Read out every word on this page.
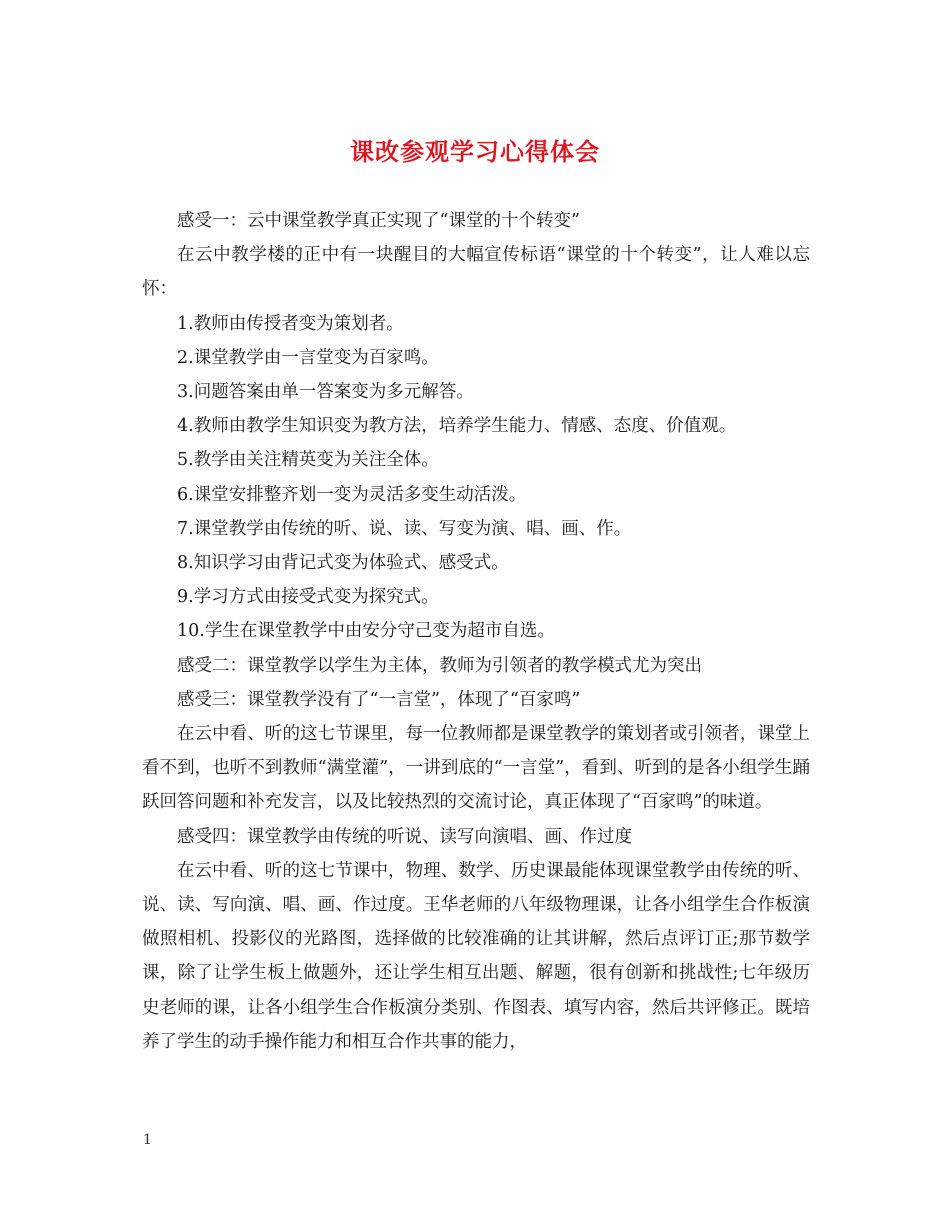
课改参观学习心得体会

感受一：云中课堂教学真正实现了“课堂的十个转变”

在云中教学楼的正中有一块醒目的大幅宣传标语“课堂的十个转变”，让人难以忘怀：

1.教师由传授者变为策划者。

2.课堂教学由一言堂变为百家鸣。

3.问题答案由单一答案变为多元解答。

4.教师由教学生知识变为教方法，培养学生能力、情感、态度、价值观。

5.教学由关注精英变为关注全体。

6.课堂安排整齐划一变为灵活多变生动活泼。

7.课堂教学由传统的听、说、读、写变为演、唱、画、作。

8.知识学习由背记式变为体验式、感受式。

9.学习方式由接受式变为探究式。

10.学生在课堂教学中由安分守己变为超市自选。

感受二：课堂教学以学生为主体，教师为引领者的教学模式尤为突出

感受三：课堂教学没有了“一言堂”，体现了“百家鸣”

在云中看、听的这七节课里，每一位教师都是课堂教学的策划者或引领者，课堂上看不到，也听不到教师“满堂灌”，一讲到底的“一言堂”，看到、听到的是各小组学生踊跃回答问题和补充发言，以及比较热烈的交流讨论，真正体现了“百家鸣”的味道。

感受四：课堂教学由传统的听说、读写向演唱、画、作过度

在云中看、听的这七节课中，物理、数学、历史课最能体现课堂教学由传统的听、说、读、写向演、唱、画、作过度。王华老师的八年级物理课，让各小组学生合作板演做照相机、投影仪的光路图，选择做的比较准确的让其讲解，然后点评订正;那节数学课，除了让学生板上做题外，还让学生相互出题、解题，很有创新和挑战性;七年级历史老师的课，让各小组学生合作板演分类别、作图表、填写内容，然后共评修正。既培养了学生的动手操作能力和相互合作共事的能力，

1
